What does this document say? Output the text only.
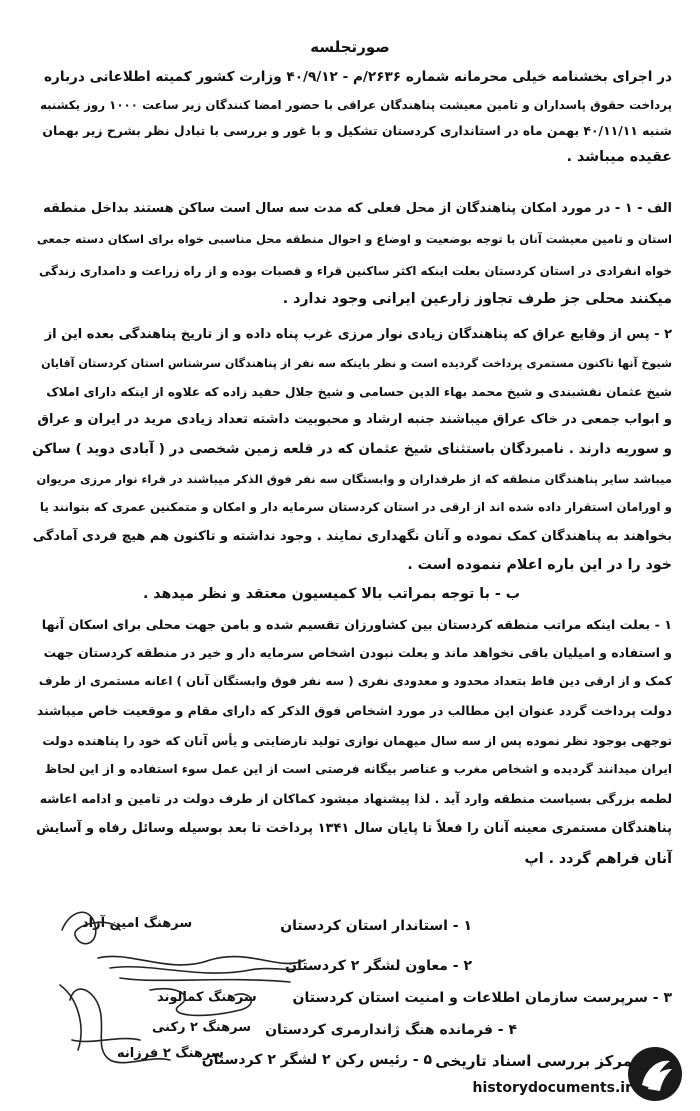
صورتجلسه
در اجرای بخشنامه خیلی محرمانه شماره ۲۶۳۶/م - ۴۰/۹/۱۲ وزارت کشور کمیته اطلاعاتی درباره
پرداخت حقوق پاسداران و تامین معیشت پناهندگان عراقی با حضور امضا کنندگان زیر ساعت ۱۰۰۰ روز یکشنبه
شنبه ۴۰/۱۱/۱۱ بهمن ماه در استانداری کردستان تشکیل و با غور و بررسی با تبادل نظر بشرح زیر بهمان
عقیده میباشد .
الف - ۱ - در مورد امکان پناهندگان از محل فعلی که مدت سه سال است ساکن هستند بداخل منطقه
استان و تامین معیشت آنان با توجه بوضعیت و اوضاع و احوال منطقه محل مناسبی خواه برای اسکان دسته جمعی
خواه انفرادی در استان کردستان بعلت اینکه اکثر ساکنین قراء و قصبات بوده و از راه زراعت و دامداری زندگی
میکنند محلی جز طرف تجاوز زارعین ایرانی وجود ندارد .
۲ - پس از وقایع عراق که پناهندگان زیادی نوار مرزی غرب پناه داده و از تاریخ پناهندگی بعده این از
شیوخ آنها تاکنون مستمری پرداخت گردیده است و نظر باینکه سه نفر از پناهندگان سرشناس استان کردستان آقایان
شیخ عثمان نقشبندی و شیخ محمد بهاء الدین حسامی و شیخ جلال حفید زاده که علاوه از اینکه دارای املاک
و ابواب جمعی در خاک عراق میباشند جنبه ارشاد و محبوبیت داشته تعداد زیادی مرید در ایران و عراق
و سوریه دارند . نامبردگان باستثنای شیخ عثمان که در قلعه زمین شخصی در ( آبادی دوید ) ساکن
میباشد سایر پناهندگان منطقه که از طرفداران و وابستگان سه نفر فوق الذکر میباشند در قراء نوار مرزی مریوان
و اورامان استقرار داده شده اند از ارقی در استان کردستان سرمایه دار و امکان و متمکنین عمری که بتوانند یا
بخواهند به پناهندگان کمک نموده و آنان نگهداری نمایند . وجود نداشته و تاکنون هم هیچ فردی آمادگی
خود را در این باره اعلام ننموده است .
ب - با توجه بمراتب بالا کمیسیون معتقد و نظر میدهد .
۱ - بعلت اینکه مراتب منطقه کردستان بین کشاورزان تقسیم شده و بامن جهت محلی برای اسکان آنها
و استفاده و امیلیان باقی نخواهد ماند و بعلت نبودن اشخاص سرمایه دار و خیر در منطقه کردستان جهت
کمک و از ارقی دین فاط بتعداد محدود و معدودی نفری ( سه نفر فوق وابستگان آنان ) اعانه مستمری از طرف
دولت پرداخت گردد عنوان این مطالب در مورد اشخاص فوق الذکر که دارای مقام و موقعیت خاص میباشند
توجهی بوجود نظر نموده پس از سه سال میهمان نوازی تولید نارضایتی و یأس آنان که خود را پناهنده دولت
ایران میدانند گردیده و اشخاص مغرب و عناصر بیگانه فرصتی است از این عمل سوء استفاده و از این لحاظ
لطمه بزرگی بسیاست منطقه وارد آید . لذا پیشنهاد میشود کماکان از طرف دولت در تامین و ادامه اعاشه
پناهندگان مستمری معینه آنان را فعلاً تا پایان سال ۱۳۴۱ پرداخت تا بعد بوسیله وسائل رفاه و آسایش
آنان فراهم گردد . اپ
۱ - استاندار استان کردستان
سرهنگ امین آزاد
۲ - معاون لشگر ۲ کردستان
۳ - سرپرست سازمان اطلاعات و امنیت استان کردستان
سرهنگ کمالوند
۴ - فرمانده هنگ ژاندارمری کردستان
سرهنگ ۲ رکنی
۵ - رئیس رکن ۲ لشگر ۲ کردستان
سرهنگ ۲ فرزانه	مرکز بررسی اسناد تاریخی
historydocuments.ir
